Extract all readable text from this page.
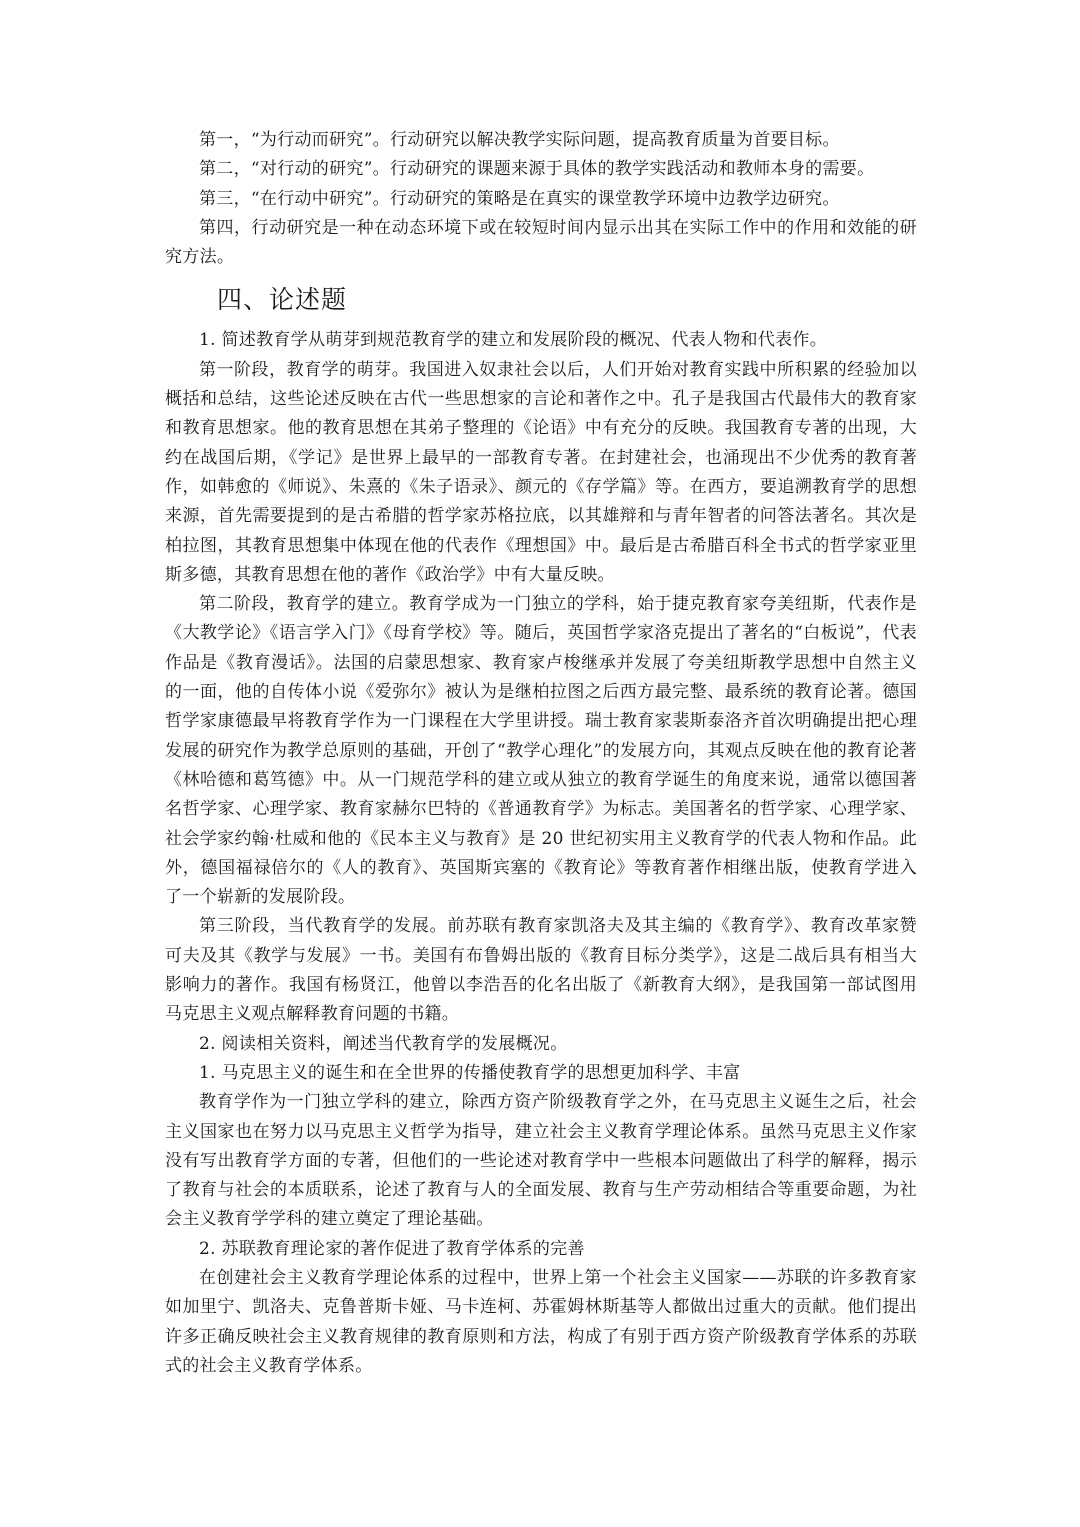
第一，“为行动而研究”。行动研究以解决教学实际问题，提高教育质量为首要目标。

第二，“对行动的研究”。行动研究的课题来源于具体的教学实践活动和教师本身的需要。

第三，“在行动中研究”。行动研究的策略是在真实的课堂教学环境中边教学边研究。

第四，行动研究是一种在动态环境下或在较短时间内显示出其在实际工作中的作用和效能的研究方法。

四、论述题

1. 简述教育学从萌芽到规范教育学的建立和发展阶段的概况、代表人物和代表作。

第一阶段，教育学的萌芽。我国进入奴隶社会以后，人们开始对教育实践中所积累的经验加以概括和总结，这些论述反映在古代一些思想家的言论和著作之中。孔子是我国古代最伟大的教育家和教育思想家。他的教育思想在其弟子整理的《论语》中有充分的反映。我国教育专著的出现，大约在战国后期，《学记》是世界上最早的一部教育专著。在封建社会，也涌现出不少优秀的教育著作，如韩愈的《师说》、朱熹的《朱子语录》、颜元的《存学篇》等。在西方，要追溯教育学的思想来源，首先需要提到的是古希腊的哲学家苏格拉底，以其雄辩和与青年智者的问答法著名。其次是柏拉图，其教育思想集中体现在他的代表作《理想国》中。最后是古希腊百科全书式的哲学家亚里斯多德，其教育思想在他的著作《政治学》中有大量反映。

第二阶段，教育学的建立。教育学成为一门独立的学科，始于捷克教育家夸美纽斯，代表作是《大教学论》《语言学入门》《母育学校》等。随后，英国哲学家洛克提出了著名的“白板说”，代表作品是《教育漫话》。法国的启蒙思想家、教育家卢梭继承并发展了夸美纽斯教学思想中自然主义的一面，他的自传体小说《爱弥尔》被认为是继柏拉图之后西方最完整、最系统的教育论著。德国哲学家康德最早将教育学作为一门课程在大学里讲授。瑞士教育家裴斯泰洛齐首次明确提出把心理发展的研究作为教学总原则的基础，开创了“教学心理化”的发展方向，其观点反映在他的教育论著《林哈德和葛笃德》中。从一门规范学科的建立或从独立的教育学诞生的角度来说，通常以德国著名哲学家、心理学家、教育家赫尔巴特的《普通教育学》为标志。美国著名的哲学家、心理学家、社会学家约翰·杜威和他的《民本主义与教育》是 20 世纪初实用主义教育学的代表人物和作品。此外，德国福禄倍尔的《人的教育》、英国斯宾塞的《教育论》等教育著作相继出版，使教育学进入了一个崭新的发展阶段。

第三阶段，当代教育学的发展。前苏联有教育家凯洛夫及其主编的《教育学》、教育改革家赞可夫及其《教学与发展》一书。美国有布鲁姆出版的《教育目标分类学》，这是二战后具有相当大影响力的著作。我国有杨贤江，他曾以李浩吾的化名出版了《新教育大纲》，是我国第一部试图用马克思主义观点解释教育问题的书籍。

2. 阅读相关资料，阐述当代教育学的发展概况。

1. 马克思主义的诞生和在全世界的传播使教育学的思想更加科学、丰富

教育学作为一门独立学科的建立，除西方资产阶级教育学之外，在马克思主义诞生之后，社会主义国家也在努力以马克思主义哲学为指导，建立社会主义教育学理论体系。虽然马克思主义作家没有写出教育学方面的专著，但他们的一些论述对教育学中一些根本问题做出了科学的解释，揭示了教育与社会的本质联系，论述了教育与人的全面发展、教育与生产劳动相结合等重要命题，为社会主义教育学学科的建立奠定了理论基础。

2. 苏联教育理论家的著作促进了教育学体系的完善

在创建社会主义教育学理论体系的过程中，世界上第一个社会主义国家——苏联的许多教育家如加里宁、凯洛夫、克鲁普斯卡娅、马卡连柯、苏霍姆林斯基等人都做出过重大的贡献。他们提出许多正确反映社会主义教育规律的教育原则和方法，构成了有别于西方资产阶级教育学体系的苏联式的社会主义教育学体系。
